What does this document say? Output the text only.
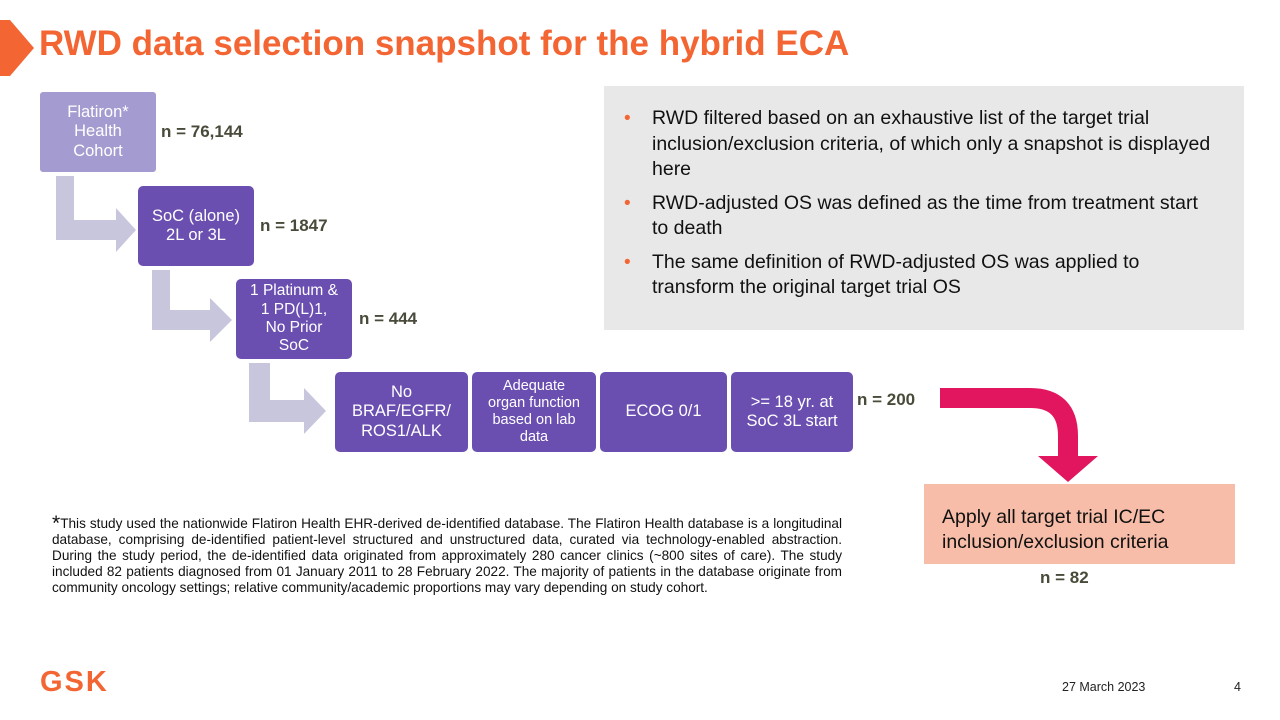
RWD data selection snapshot for the hybrid ECA
Flatiron*
Health
Cohort
n = 76,144
SoC (alone)
2L or 3L	n = 1847
1 Platinum &
1 PD(L)1,
No Prior
SoC
n = 444
No
BRAF/EGFR/
ROS1/ALK
Adequate
organ function
based on lab
data
ECOG 0/1
>= 18 yr. at
SoC 3L start
n = 200
• RWD filtered based on an exhaustive list of the target trial inclusion/exclusion criteria, of which only a snapshot is displayed here
• RWD-adjusted OS was defined as the time from treatment start to death
• The same definition of RWD-adjusted OS was applied to transform the original target trial OS
Apply all target trial IC/EC inclusion/exclusion criteria
n = 82
*This study used the nationwide Flatiron Health EHR-derived de-identified database. The Flatiron Health database is a longitudinal database, comprising de-identified patient-level structured and unstructured data, curated via technology-enabled abstraction. During the study period, the de-identified data originated from approximately 280 cancer clinics (~800 sites of care). The study included 82 patients diagnosed from 01 January 2011 to 28 February 2022. The majority of patients in the database originate from community oncology settings; relative community/academic proportions may vary depending on study cohort.
GSK	27 March 2023	4
